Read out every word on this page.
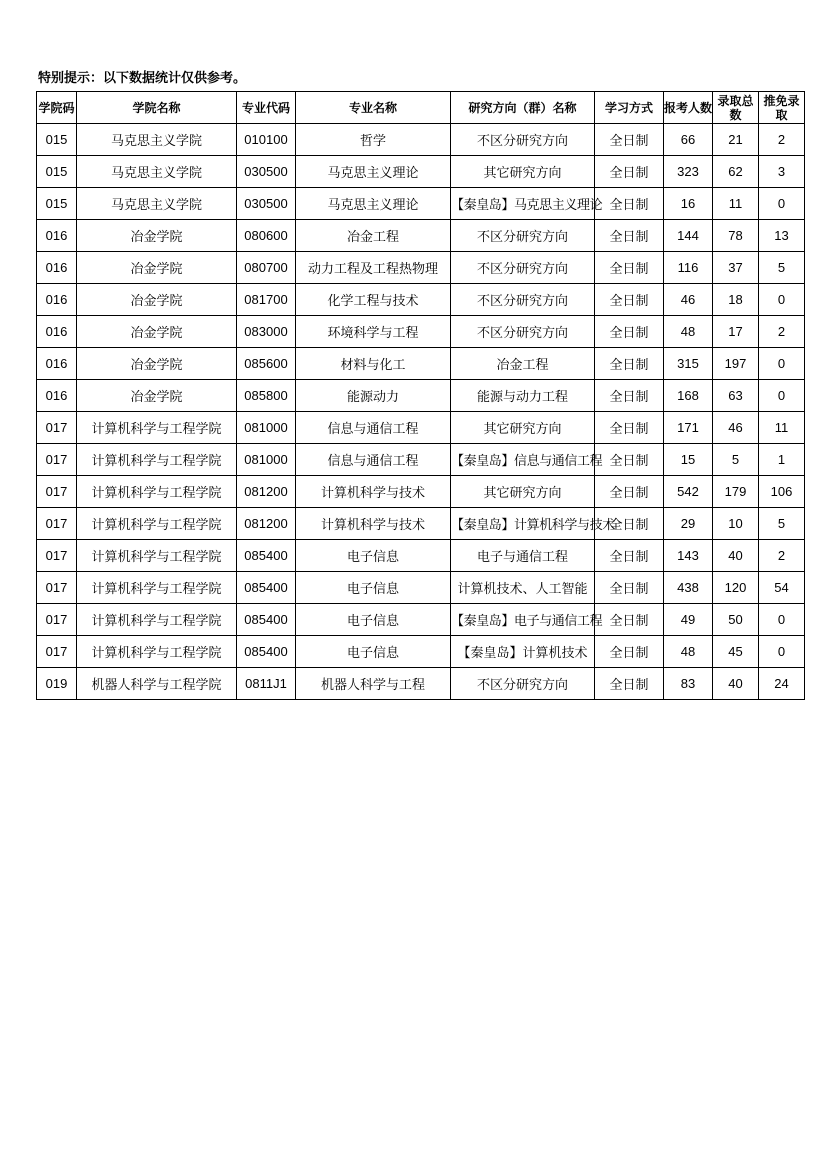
特别提示：以下数据统计仅供参考。
学院码	学院名称	专业代码	专业名称	研究方向（群）名称	学习方式	报考人数	录取总数	推免录取
015	马克思主义学院	010100	哲学	不区分研究方向	全日制	66	21	2
015	马克思主义学院	030500	马克思主义理论	其它研究方向	全日制	323	62	3
015	马克思主义学院	030500	马克思主义理论	【秦皇岛】马克思主义理论	全日制	16	11	0
016	冶金学院	080600	冶金工程	不区分研究方向	全日制	144	78	13
016	冶金学院	080700	动力工程及工程热物理	不区分研究方向	全日制	116	37	5
016	冶金学院	081700	化学工程与技术	不区分研究方向	全日制	46	18	0
016	冶金学院	083000	环境科学与工程	不区分研究方向	全日制	48	17	2
016	冶金学院	085600	材料与化工	冶金工程	全日制	315	197	0
016	冶金学院	085800	能源动力	能源与动力工程	全日制	168	63	0
017	计算机科学与工程学院	081000	信息与通信工程	其它研究方向	全日制	171	46	11
017	计算机科学与工程学院	081000	信息与通信工程	【秦皇岛】信息与通信工程	全日制	15	5	1
017	计算机科学与工程学院	081200	计算机科学与技术	其它研究方向	全日制	542	179	106
017	计算机科学与工程学院	081200	计算机科学与技术	【秦皇岛】计算机科学与技术	全日制	29	10	5
017	计算机科学与工程学院	085400	电子信息	电子与通信工程	全日制	143	40	2
017	计算机科学与工程学院	085400	电子信息	计算机技术、人工智能	全日制	438	120	54
017	计算机科学与工程学院	085400	电子信息	【秦皇岛】电子与通信工程	全日制	49	50	0
017	计算机科学与工程学院	085400	电子信息	【秦皇岛】计算机技术	全日制	48	45	0
019	机器人科学与工程学院	0811J1	机器人科学与工程	不区分研究方向	全日制	83	40	24
